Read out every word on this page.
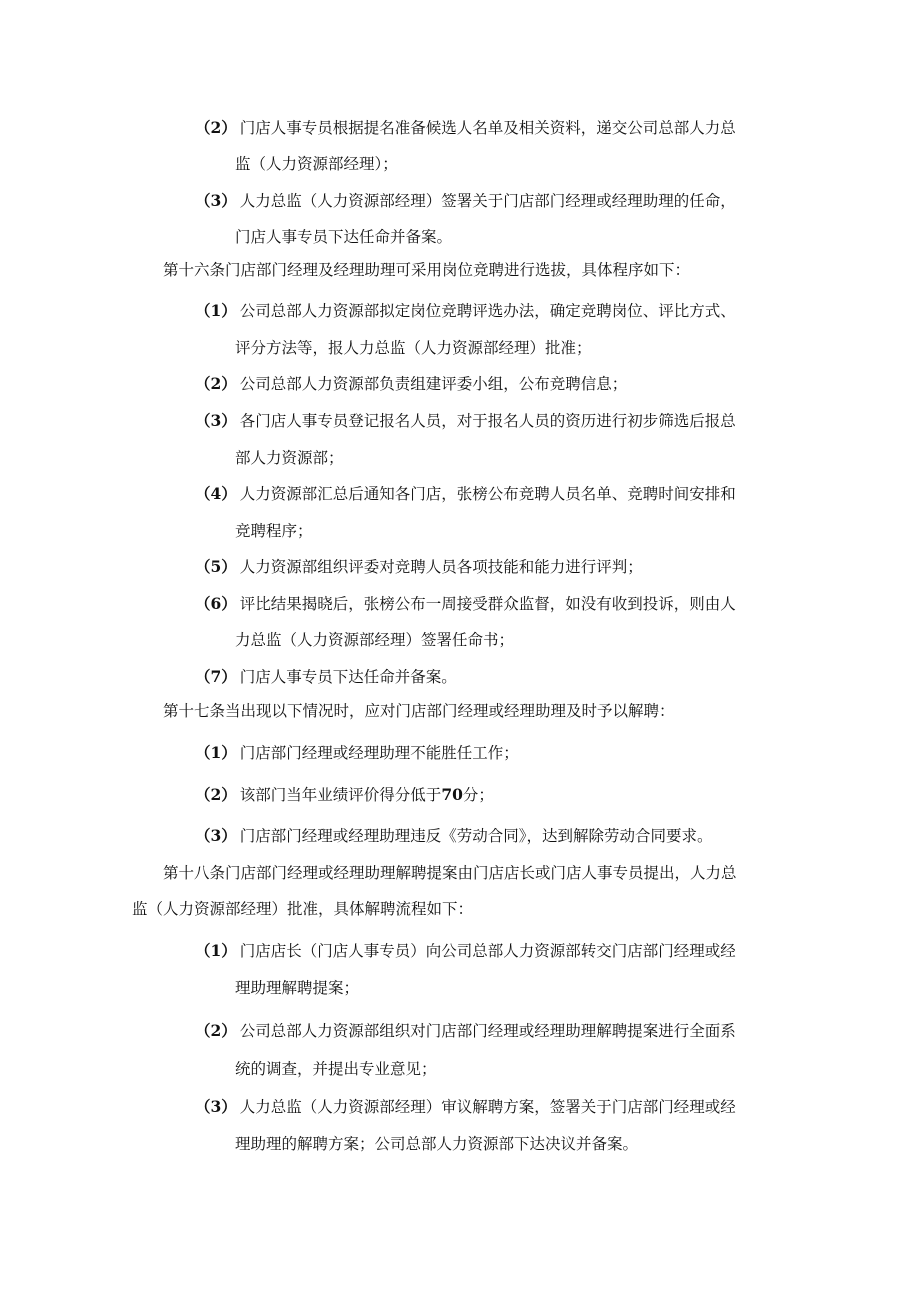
（2） 门店人事专员根据提名准备候选人名单及相关资料，递交公司总部人力总
监（人力资源部经理）；
（3） 人力总监（人力资源部经理）签署关于门店部门经理或经理助理的任命，
门店人事专员下达任命并备案。
第十六条门店部门经理及经理助理可采用岗位竞聘进行选拔，具体程序如下：
（1） 公司总部人力资源部拟定岗位竞聘评选办法，确定竞聘岗位、评比方式、
评分方法等，报人力总监（人力资源部经理）批准；
（2） 公司总部人力资源部负责组建评委小组，公布竞聘信息；
（3） 各门店人事专员登记报名人员，对于报名人员的资历进行初步筛选后报总
部人力资源部；
（4） 人力资源部汇总后通知各门店，张榜公布竞聘人员名单、竞聘时间安排和
竞聘程序；
（5） 人力资源部组织评委对竞聘人员各项技能和能力进行评判；
（6） 评比结果揭晓后，张榜公布一周接受群众监督，如没有收到投诉，则由人
力总监（人力资源部经理）签署任命书；
（7） 门店人事专员下达任命并备案。
第十七条当出现以下情况时，应对门店部门经理或经理助理及时予以解聘：
（1） 门店部门经理或经理助理不能胜任工作；
（2） 该部门当年业绩评价得分低于70分；
（3） 门店部门经理或经理助理违反《劳动合同》，达到解除劳动合同要求。
第十八条门店部门经理或经理助理解聘提案由门店店长或门店人事专员提出，人力总
监（人力资源部经理）批准，具体解聘流程如下：
（1） 门店店长（门店人事专员）向公司总部人力资源部转交门店部门经理或经
理助理解聘提案；
（2） 公司总部人力资源部组织对门店部门经理或经理助理解聘提案进行全面系
统的调查，并提出专业意见；
（3） 人力总监（人力资源部经理）审议解聘方案，签署关于门店部门经理或经
理助理的解聘方案；公司总部人力资源部下达决议并备案。
